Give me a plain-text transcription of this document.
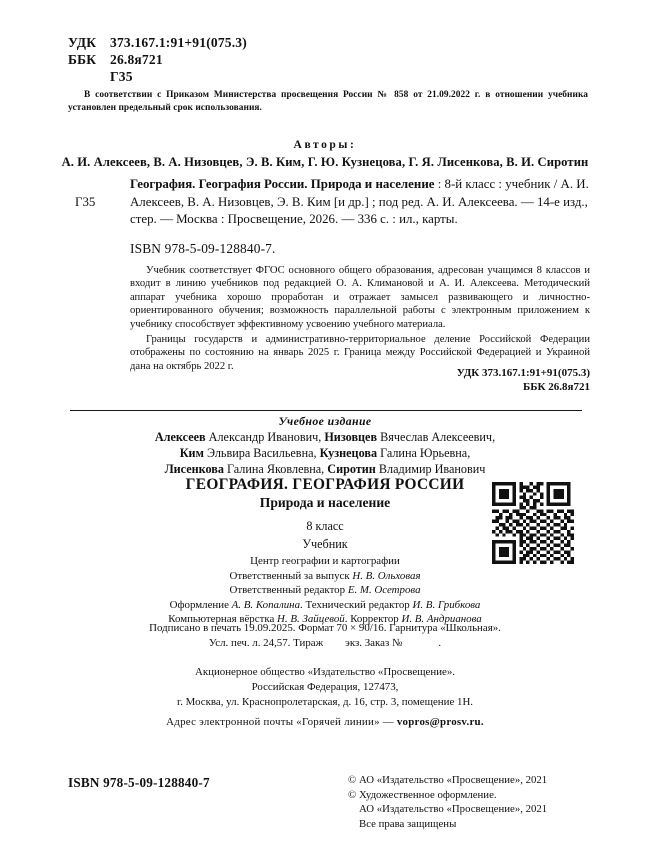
УДК	373.167.1:91+91(075.3)
ББК	26.8я721
Г35
В соответствии с Приказом Министерства просвещения России № 858 от 21.09.2022 г. в отношении учебника установлен предельный срок использования.
Авторы:
А. И. Алексеев, В. А. Низовцев, Э. В. Ким, Г. Ю. Кузнецова, Г. Я. Лисенкова, В. И. Сиротин
Г35
География. География России. Природа и население : 8-й класс : учебник / А. И. Алексеев, В. А. Низовцев, Э. В. Ким [и др.] ; под ред. А. И. Алексеева. — 14-е изд., стер. — Москва : Просвещение, 2026. — 336 с. : ил., карты.
ISBN 978-5-09-128840-7.

Учебник соответствует ФГОС основного общего образования, адресован учащимся 8 классов и входит в линию учебников под редакцией О. А. Климановой и А. И. Алексеева. Методический аппарат учебника хорошо проработан и отражает замысел развивающего и личностно-ориентированного обучения; возможность параллельной работы с электронным приложением к учебнику способствует эффективному усвоению учебного материала.

Границы государств и административно-территориальное деление Российской Федерации отображены по состоянию на январь 2025 г. Граница между Российской Федерацией и Украиной дана на октябрь 2022 г.

УДК 373.167.1:91+91(075.3)
ББК 26.8я721
Учебное издание
Алексеев Александр Иванович, Низовцев Вячеслав Алексеевич,
Ким Эльвира Васильевна, Кузнецова Галина Юрьевна,
Лисенкова Галина Яковлевна, Сиротин Владимир Иванович
ГЕОГРАФИЯ. ГЕОГРАФИЯ РОССИИ
Природа и население
8 класс
Учебник
Центр географии и картографии
Ответственный за выпуск Н. В. Ольховая
Ответственный редактор Е. М. Осетрова
Оформление А. В. Копалина. Технический редактор И. В. Грибкова
Компьютерная вёрстка Н. В. Зайцевой. Корректор И. В. Андрианова
Подписано в печать 19.09.2025. Формат 70 × 90/16. Гарнитура «Школьная».
Усл. печ. л. 24,57. Тираж экз. Заказ №	.
Акционерное общество «Издательство «Просвещение».
Российская Федерация, 127473,
г. Москва, ул. Краснопролетарская, д. 16, стр. 3, помещение 1Н.
Адрес электронной почты «Горячей линии» — vopros@prosv.ru.
ISBN 978-5-09-128840-7	© АО «Издательство «Просвещение», 2021
© Художественное оформление.
АО «Издательство «Просвещение», 2021
Все права защищены
